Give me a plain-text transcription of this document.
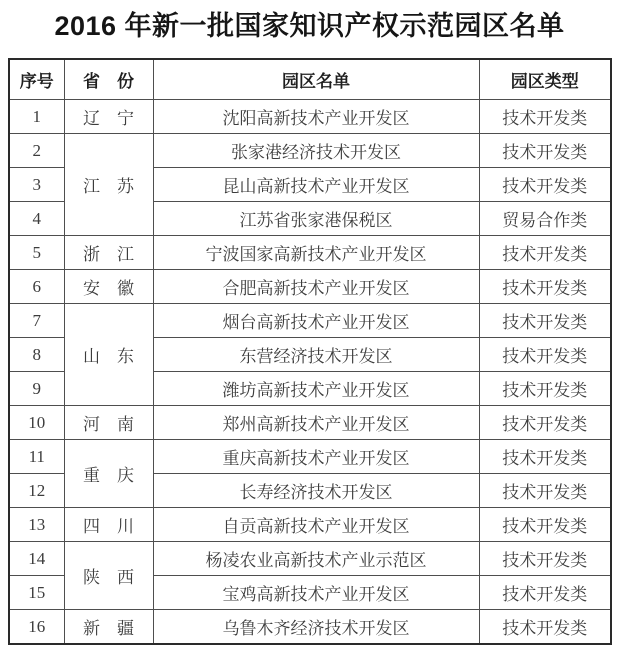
2016 年新一批国家知识产权示范园区名单
序号	省　份	园区名单	园区类型
1	辽　宁	沈阳高新技术产业开发区	技术开发类
2	江　苏	张家港经济技术开发区	技术开发类
3		昆山高新技术产业开发区	技术开发类
4		江苏省张家港保税区	贸易合作类
5	浙　江	宁波国家高新技术产业开发区	技术开发类
6	安　徽	合肥高新技术产业开发区	技术开发类
7	山　东	烟台高新技术产业开发区	技术开发类
8		东营经济技术开发区	技术开发类
9		潍坊高新技术产业开发区	技术开发类
10	河　南	郑州高新技术产业开发区	技术开发类
11	重　庆	重庆高新技术产业开发区	技术开发类
12		长寿经济技术开发区	技术开发类
13	四　川	自贡高新技术产业开发区	技术开发类
14	陕　西	杨凌农业高新技术产业示范区	技术开发类
15		宝鸡高新技术产业开发区	技术开发类
16	新　疆	乌鲁木齐经济技术开发区	技术开发类
